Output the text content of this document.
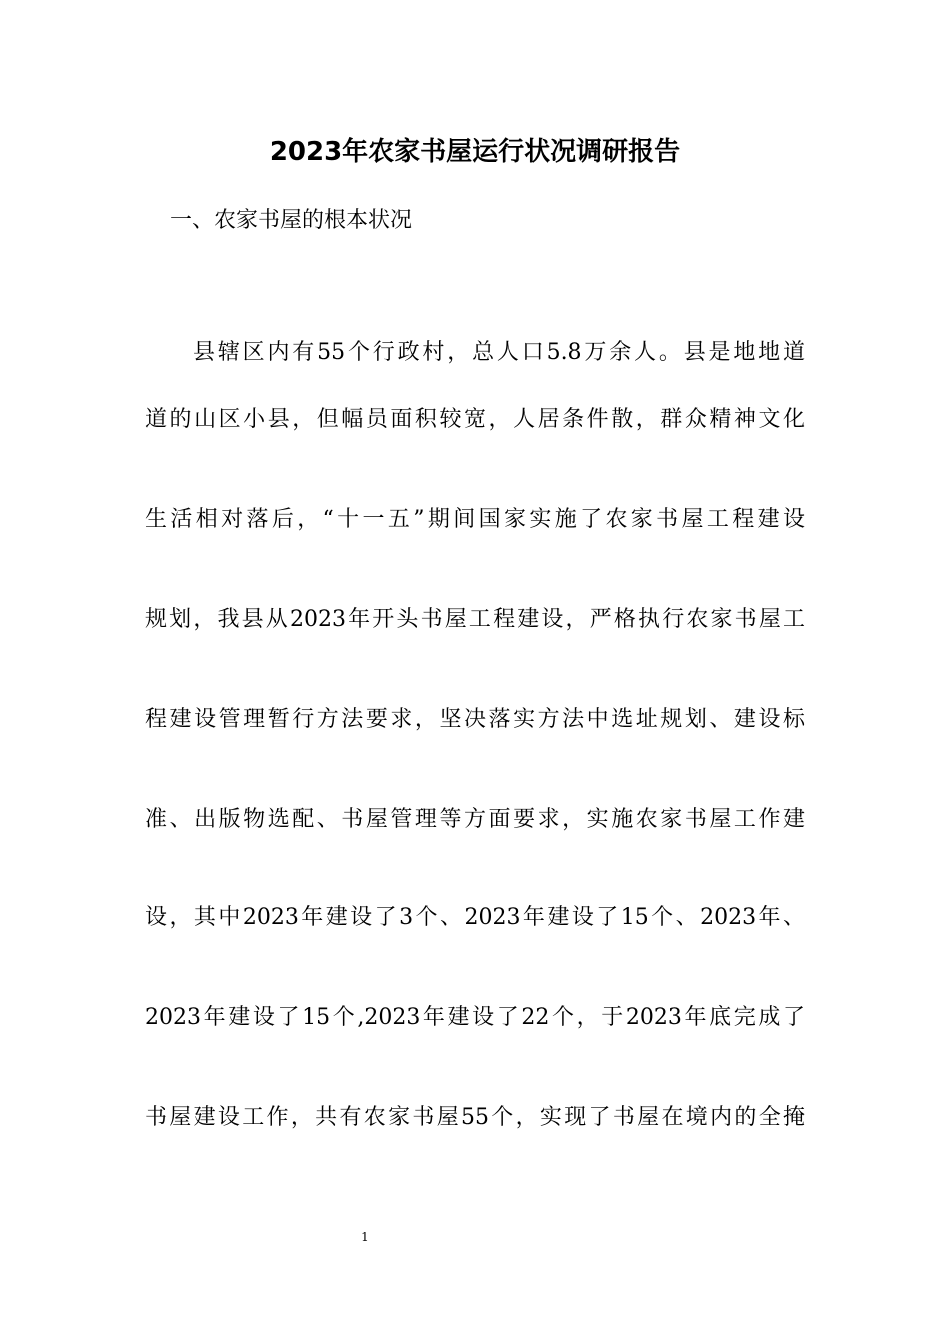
2023年农家书屋运行状况调研报告
一、农家书屋的根本状况
县辖区内有55个行政村，总人口5.8万余人。县是地地道
道的山区小县，但幅员面积较宽，人居条件散，群众精神文化
生活相对落后，“十一五”期间国家实施了农家书屋工程建设
规划，我县从2023年开头书屋工程建设，严格执行农家书屋工
程建设管理暂行方法要求，坚决落实方法中选址规划、建设标
准、出版物选配、书屋管理等方面要求，实施农家书屋工作建
设，其中2023年建设了3个、2023年建设了15个、2023年、
2023年建设了15个,2023年建设了22个，于2023年底完成了
书屋建设工作，共有农家书屋55个，实现了书屋在境内的全掩
1
